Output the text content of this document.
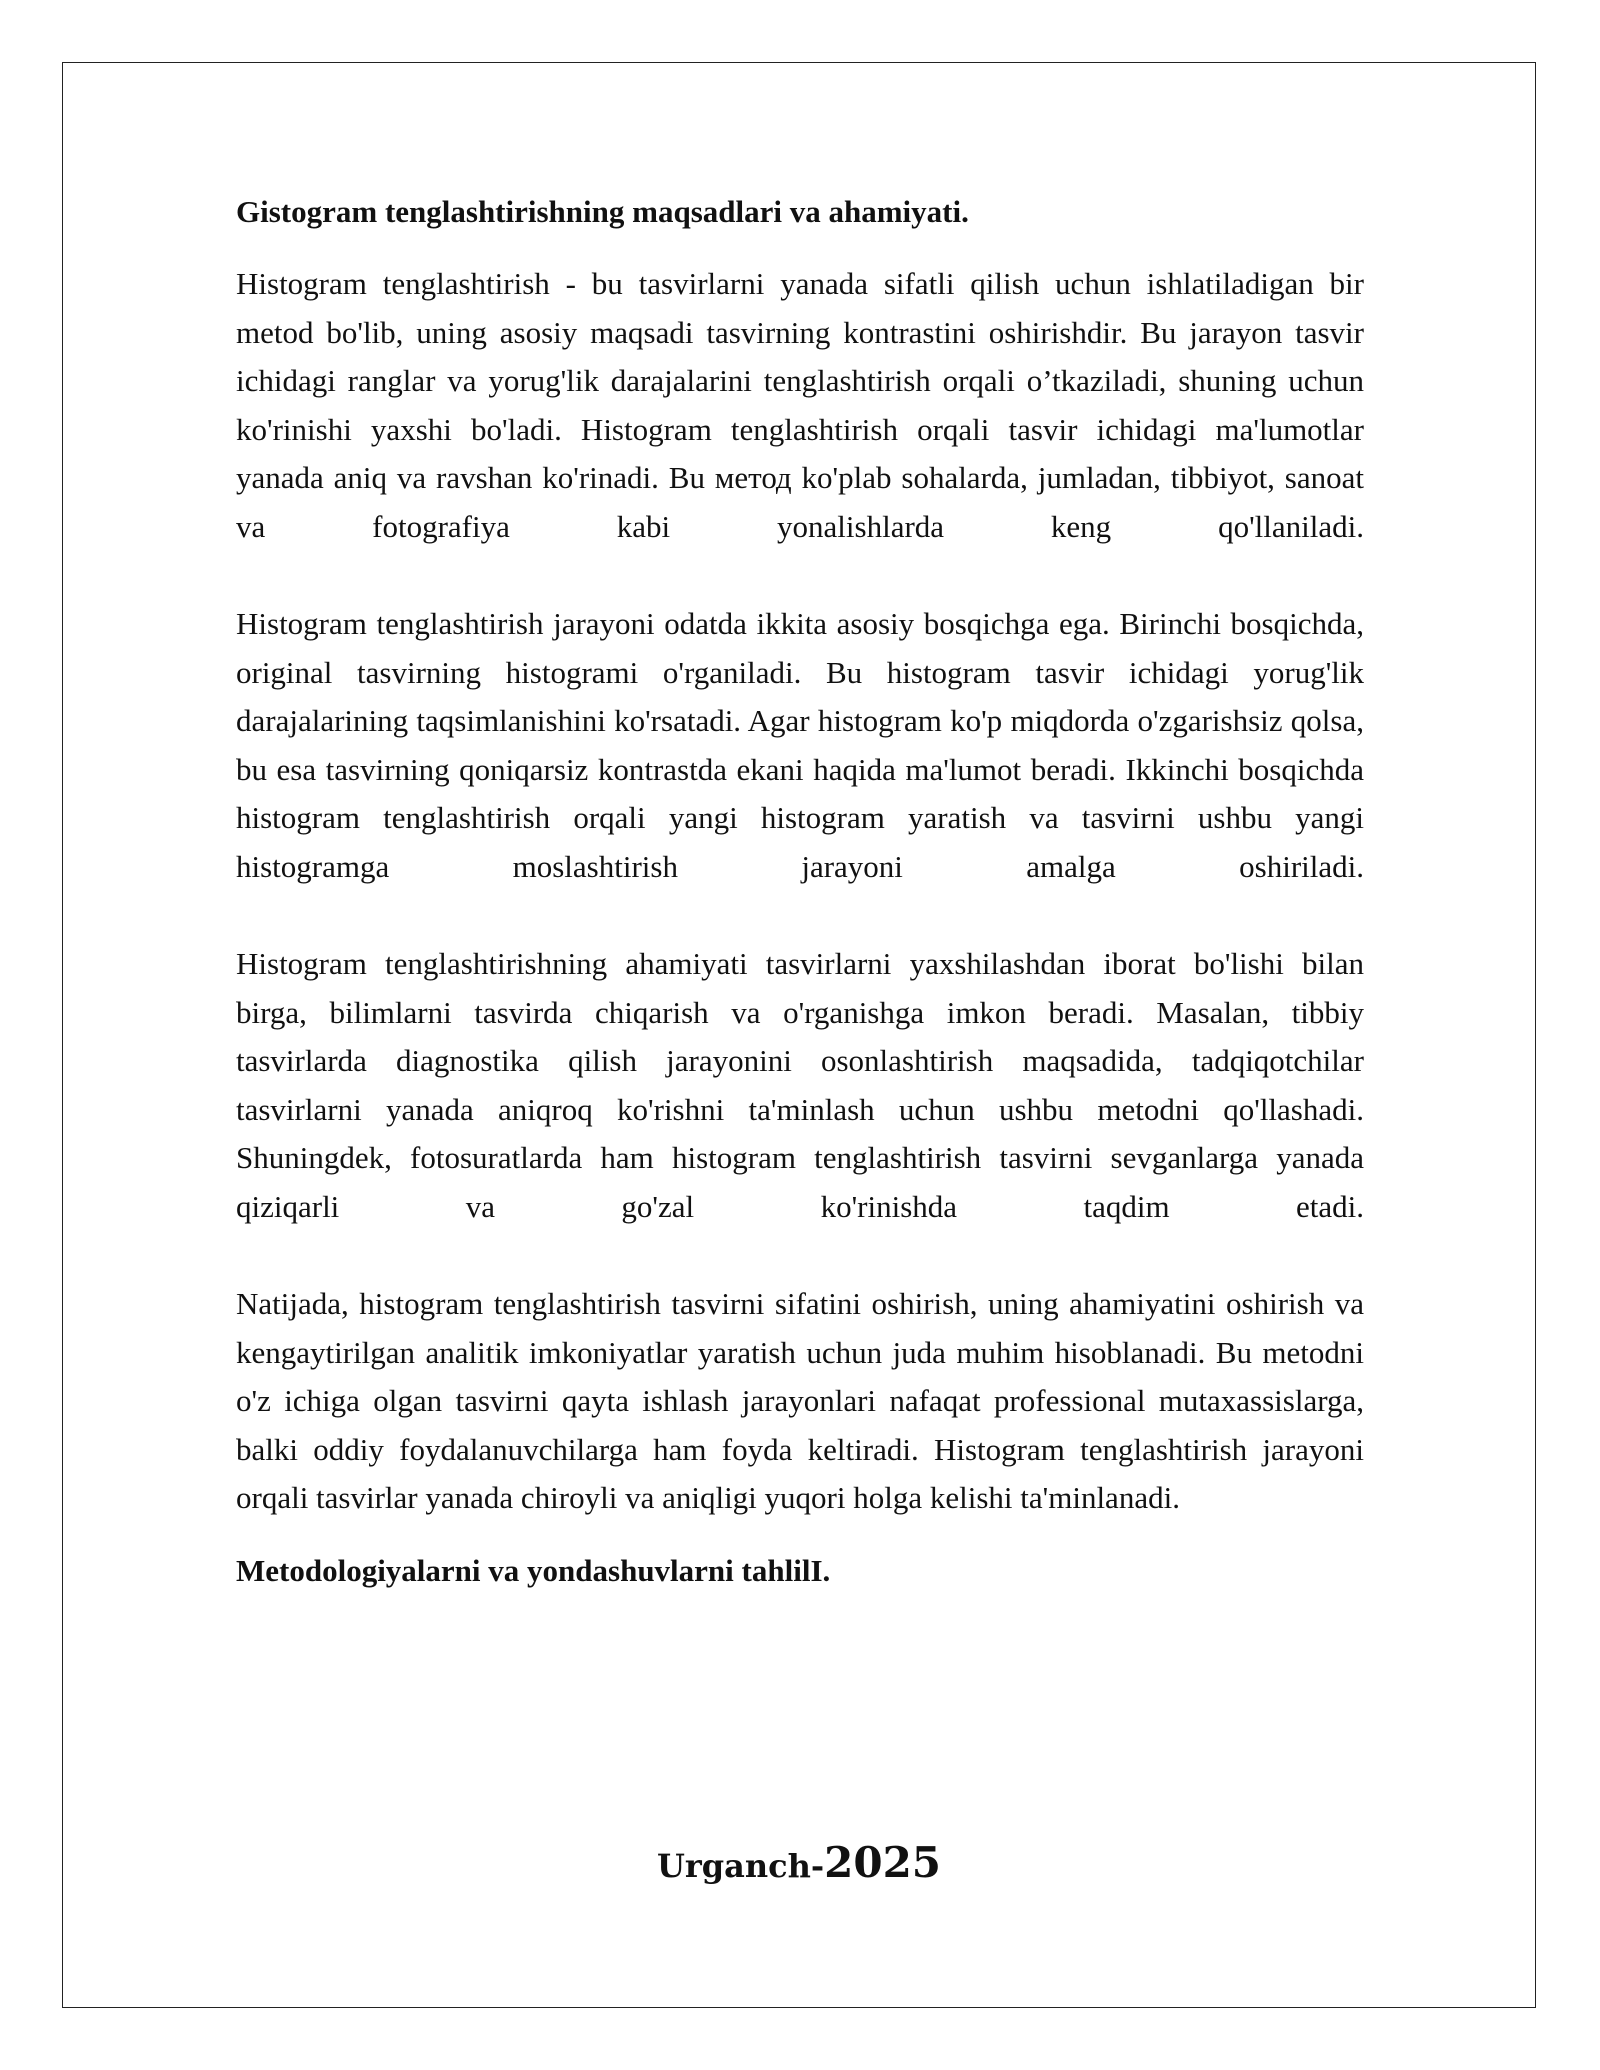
Gistogram tenglashtirishning maqsadlari va ahamiyati.
Histogram tenglashtirish - bu tasvirlarni yanada sifatli qilish uchun ishlatiladigan bir metod bo'lib, uning asosiy maqsadi tasvirning kontrastini oshirishdir. Bu jarayon tasvir ichidagi ranglar va yorug'lik darajalarini tenglashtirish orqali o’tkaziladi, shuning uchun ko'rinishi yaxshi bo'ladi. Histogram tenglashtirish orqali tasvir ichidagi ma'lumotlar yanada aniq va ravshan ko'rinadi. Bu метод ko'plab sohalarda, jumladan, tibbiyot, sanoat va fotografiya kabi yonalishlarda keng qo'llaniladi.
Histogram tenglashtirish jarayoni odatda ikkita asosiy bosqichga ega. Birinchi bosqichda, original tasvirning histogrami o'rganiladi. Bu histogram tasvir ichidagi yorug'lik darajalarining taqsimlanishini ko'rsatadi. Agar histogram ko'p miqdorda o'zgarishsiz qolsa, bu esa tasvirning qoniqarsiz kontrastda ekani haqida ma'lumot beradi. Ikkinchi bosqichda histogram tenglashtirish orqali yangi histogram yaratish va tasvirni ushbu yangi histogramga moslashtirish jarayoni amalga oshiriladi.
Histogram tenglashtirishning ahamiyati tasvirlarni yaxshilashdan iborat bo'lishi bilan birga, bilimlarni tasvirda chiqarish va o'rganishga imkon beradi. Masalan, tibbiy tasvirlarda diagnostika qilish jarayonini osonlashtirish maqsadida, tadqiqotchilar tasvirlarni yanada aniqroq ko'rishni ta'minlash uchun ushbu metodni qo'llashadi. Shuningdek, fotosuratlarda ham histogram tenglashtirish tasvirni sevganlarga yanada qiziqarli va go'zal ko'rinishda taqdim etadi.
Natijada, histogram tenglashtirish tasvirni sifatini oshirish, uning ahamiyatini oshirish va kengaytirilgan analitik imkoniyatlar yaratish uchun juda muhim hisoblanadi. Bu metodni o'z ichiga olgan tasvirni qayta ishlash jarayonlari nafaqat professional mutaxassislarga, balki oddiy foydalanuvchilarga ham foyda keltiradi. Histogram tenglashtirish jarayoni orqali tasvirlar yanada chiroyli va aniqligi yuqori holga kelishi ta'minlanadi.
Metodologiyalarni va yondashuvlarni tahlilI.
Urganch-2025
